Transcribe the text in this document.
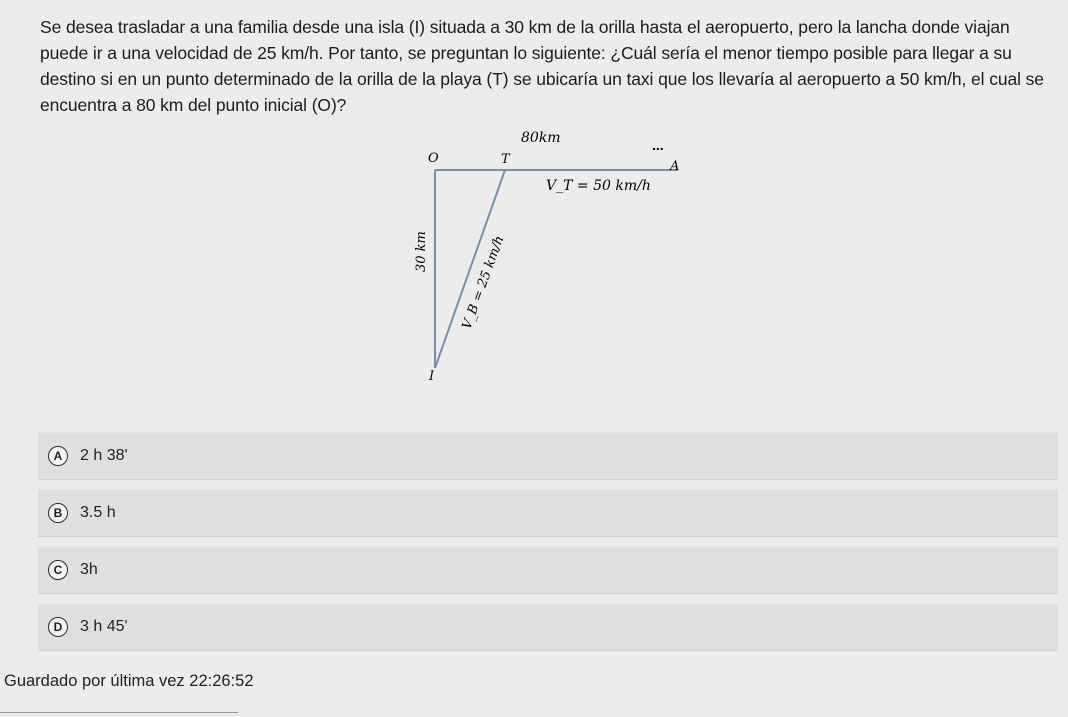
Se desea trasladar a una familia desde una isla (I) situada a 30 km de la orilla hasta el aeropuerto, pero la lancha donde viajan puede ir a una velocidad de 25 km/h. Por tanto, se preguntan lo siguiente: ¿Cuál sería el menor tiempo posible para llegar a su destino si en un punto determinado de la orilla de la playa (T) se ubicaría un taxi que los llevaría al aeropuerto a 50 km/h, el cual se encuentra a 80 km del punto inicial (O)?
80km	...
O	T	A
I
V_T = 50 km/h
30 km V_B = 25 km/h
A	2 h 38'
B	3.5 h
C	3h
D	3 h 45'
Guardado por última vez 22:26:52
